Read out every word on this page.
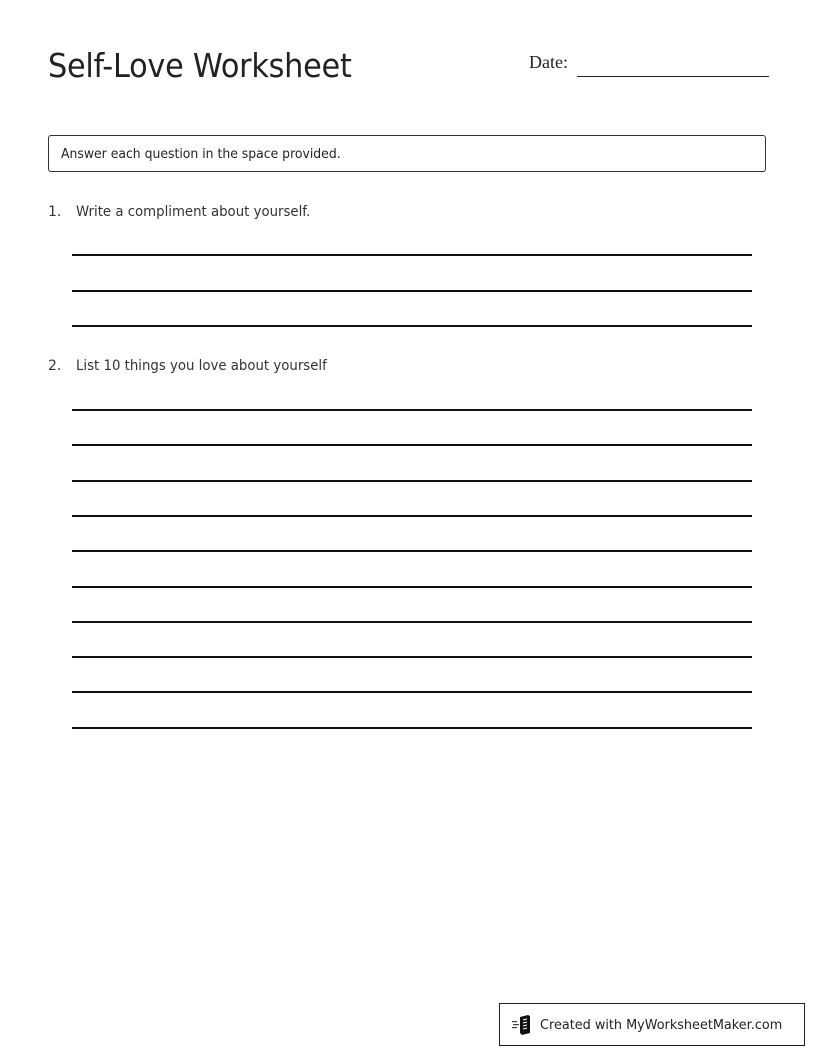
Self-Love Worksheet	Date:
Answer each question in the space provided.
1. Write a compliment about yourself.
2. List 10 things you love about yourself
Created with MyWorksheetMaker.com
